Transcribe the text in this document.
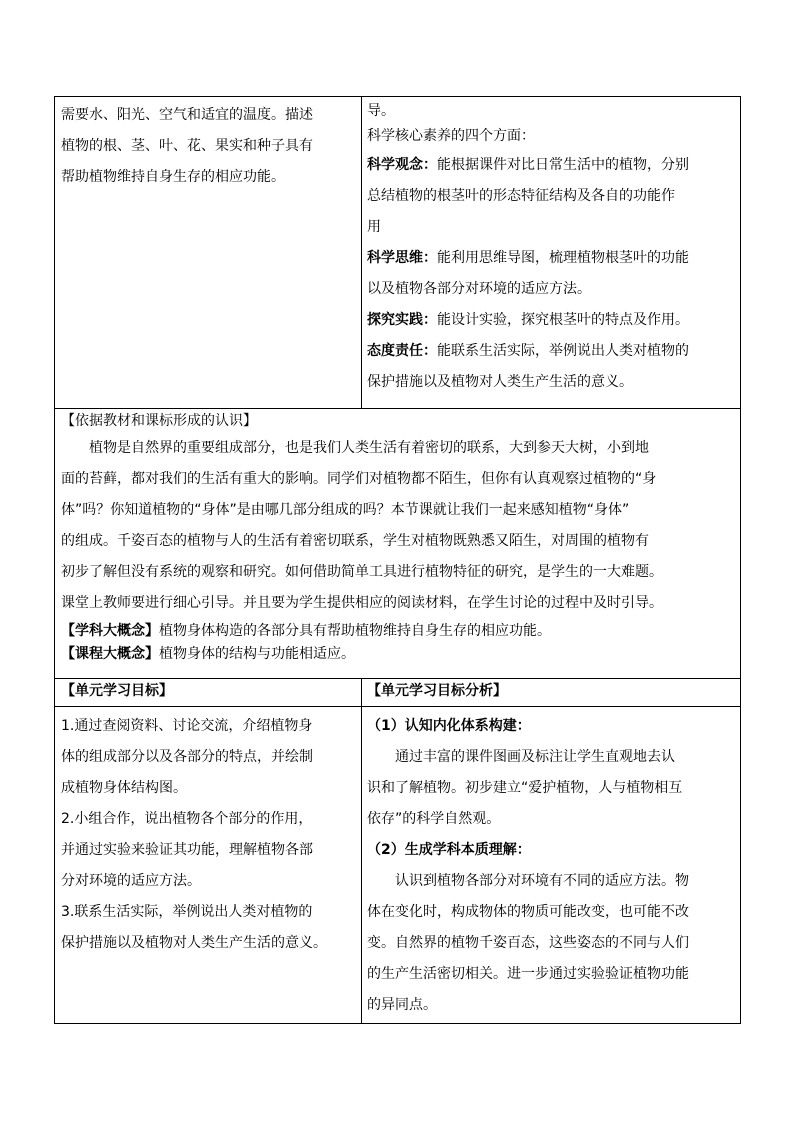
需要水、阳光、空气和适宜的温度。描述

植物的根、茎、叶、花、果实和种子具有

帮助植物维持自身生存的相应功能。

导。

科学核心素养的四个方面：

科学观念：能根据课件对比日常生活中的植物，分别

总结植物的根茎叶的形态特征结构及各自的功能作

用

科学思维：能利用思维导图，梳理植物根茎叶的功能

以及植物各部分对环境的适应方法。

探究实践：能设计实验，探究根茎叶的特点及作用。

态度责任：能联系生活实际，举例说出人类对植物的

保护措施以及植物对人类生产生活的意义。

【依据教材和课标形成的认识】

植物是自然界的重要组成部分，也是我们人类生活有着密切的联系，大到参天大树，小到地

面的苔藓，都对我们的生活有重大的影响。同学们对植物都不陌生，但你有认真观察过植物的“身

体”吗？你知道植物的“身体”是由哪几部分组成的吗？本节课就让我们一起来感知植物“身体”

的组成。千姿百态的植物与人的生活有着密切联系，学生对植物既熟悉又陌生，对周围的植物有

初步了解但没有系统的观察和研究。如何借助简单工具进行植物特征的研究，是学生的一大难题。

课堂上教师要进行细心引导。并且要为学生提供相应的阅读材料，在学生讨论的过程中及时引导。

【学科大概念】植物身体构造的各部分具有帮助植物维持自身生存的相应功能。

【课程大概念】植物身体的结构与功能相适应。

【单元学习目标】	【单元学习目标分析】

1.通过查阅资料、讨论交流，介绍植物身

体的组成部分以及各部分的特点，并绘制

成植物身体结构图。

2.小组合作，说出植物各个部分的作用，

并通过实验来验证其功能，理解植物各部

分对环境的适应方法。

3.联系生活实际，举例说出人类对植物的

保护措施以及植物对人类生产生活的意义。

（1）认知内化体系构建：

通过丰富的课件图画及标注让学生直观地去认

识和了解植物。初步建立“爱护植物，人与植物相互

依存”的科学自然观。

（2）生成学科本质理解：

认识到植物各部分对环境有不同的适应方法。物

体在变化时，构成物体的物质可能改变，也可能不改

变。自然界的植物千姿百态，这些姿态的不同与人们

的生产生活密切相关。进一步通过实验验证植物功能

的异同点。
